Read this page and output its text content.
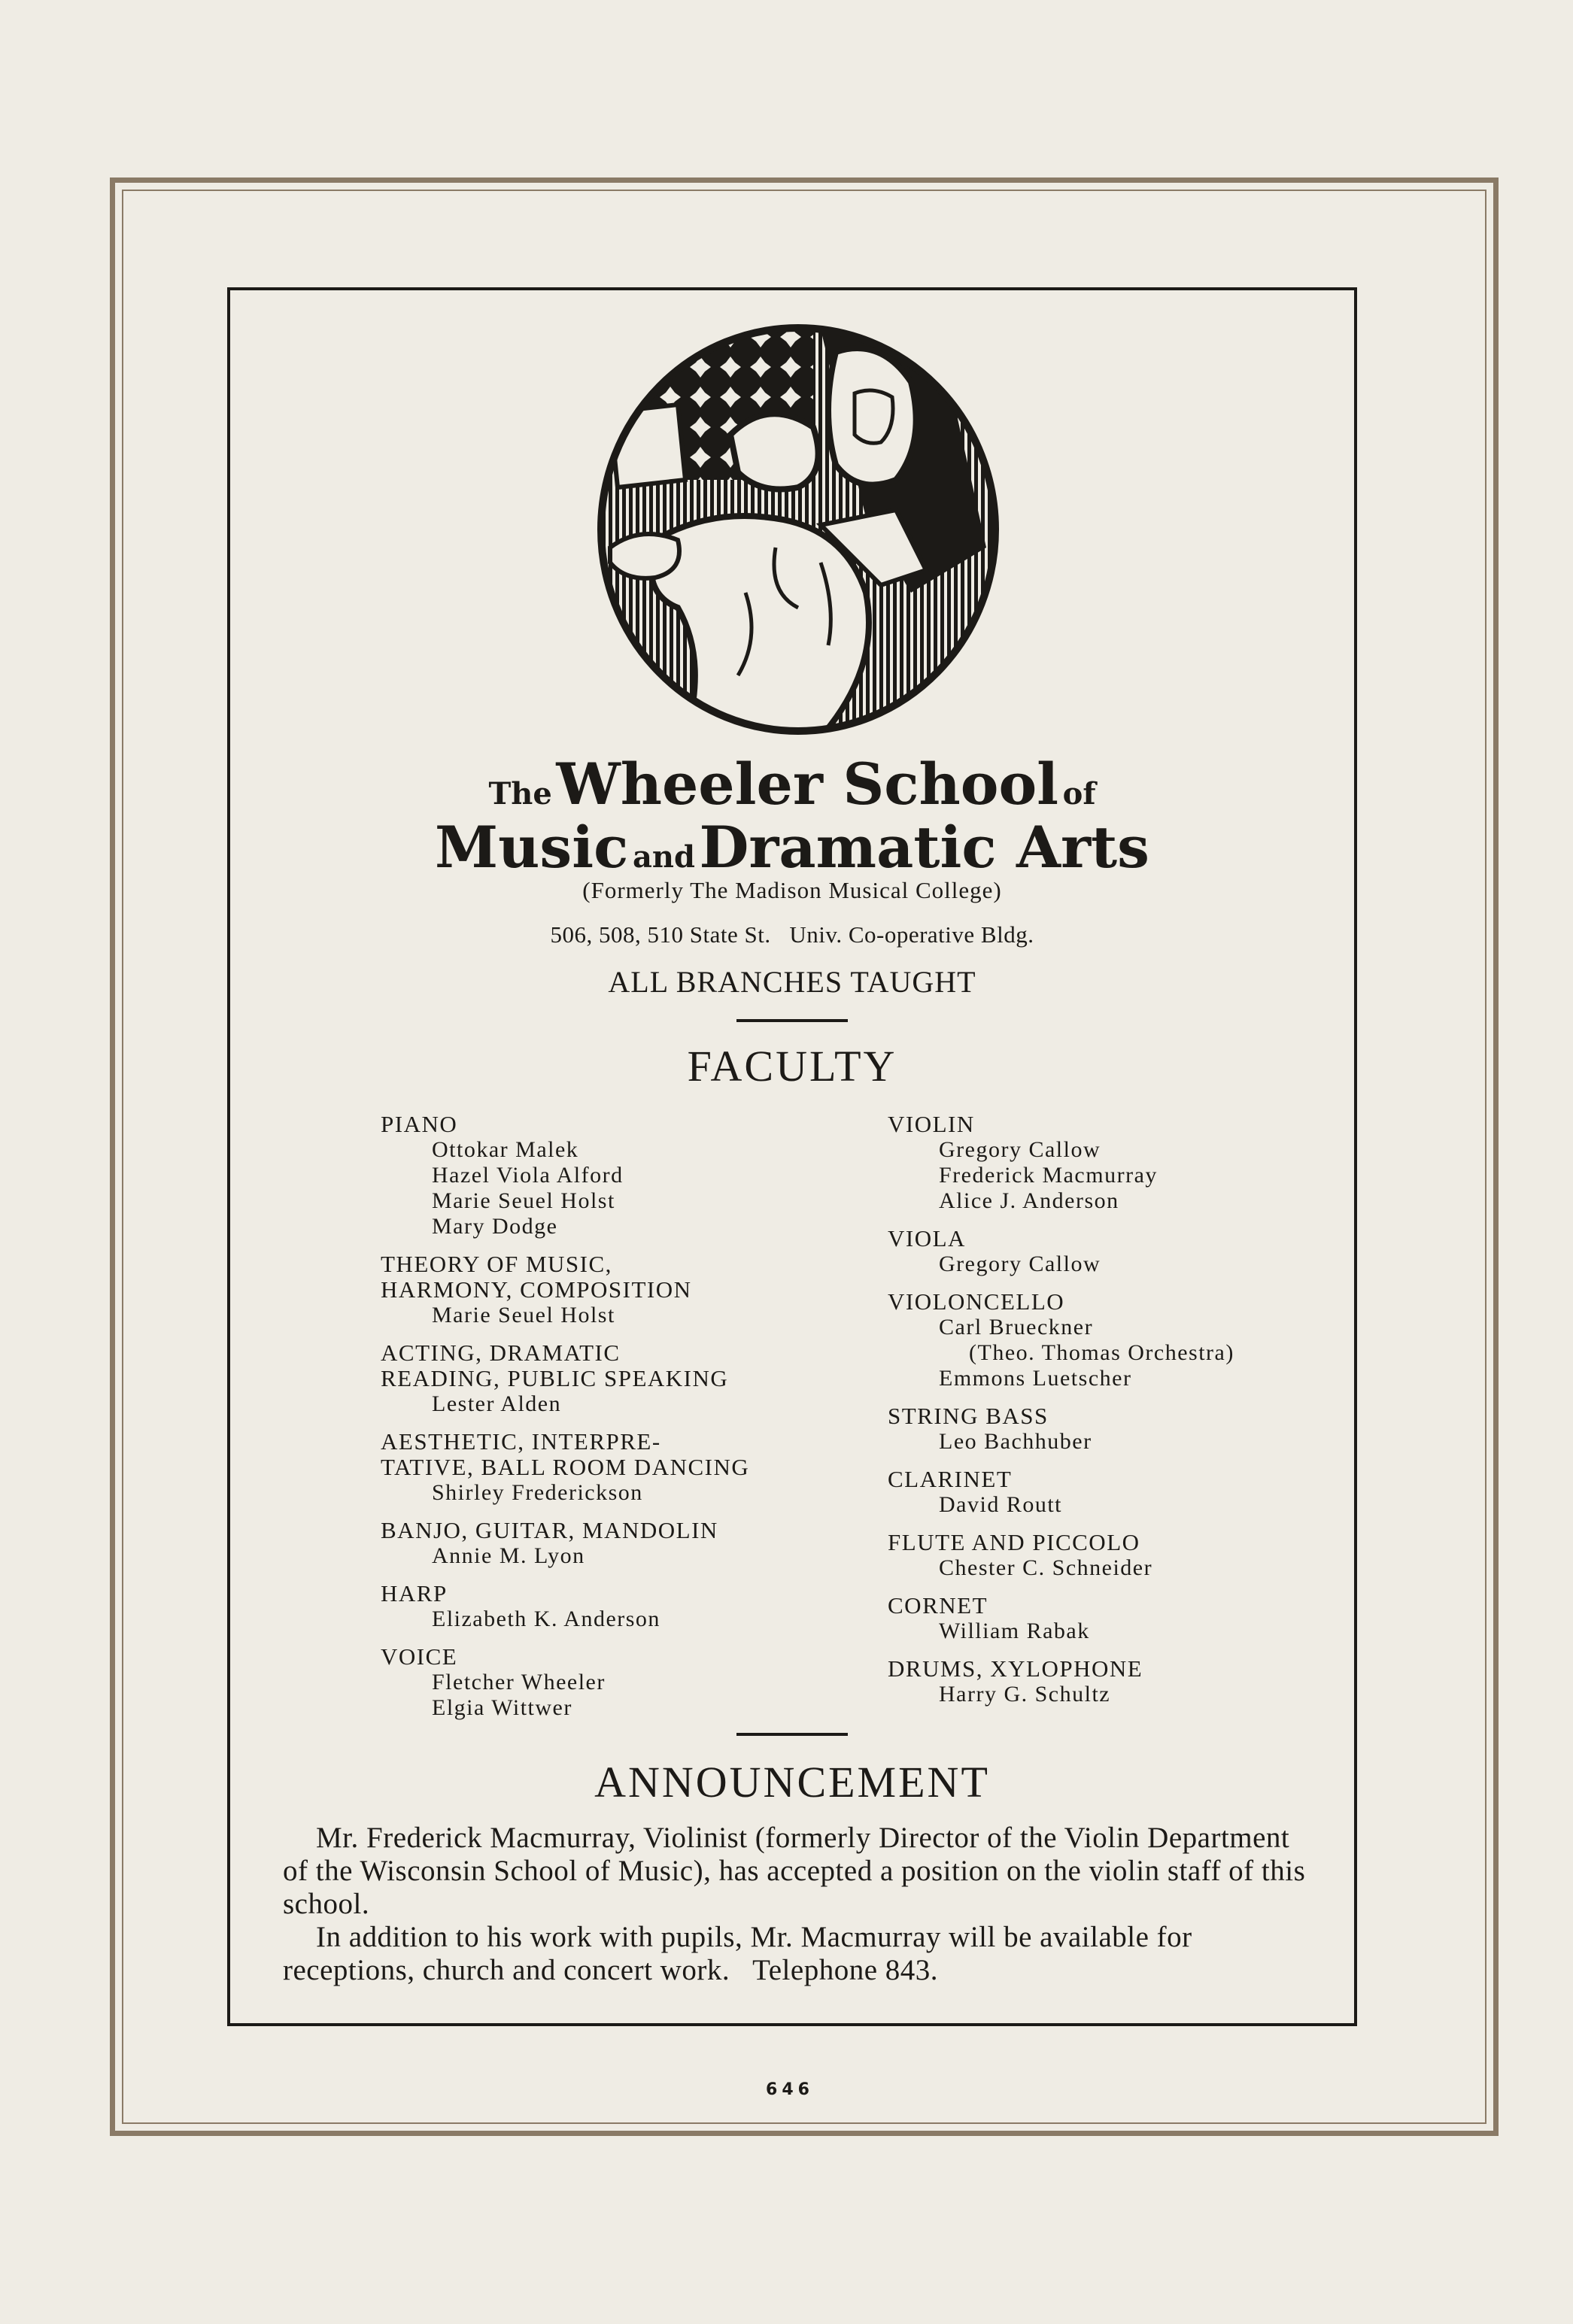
The Wheeler School of
Music and Dramatic Arts
(Formerly The Madison Musical College)
506, 508, 510 State St.   Univ. Co-operative Bldg.
ALL BRANCHES TAUGHT
FACULTY
PIANO
Ottokar Malek
Hazel Viola Alford
Marie Seuel Holst
Mary Dodge
THEORY OF MUSIC,
HARMONY, COMPOSITION
Marie Seuel Holst
ACTING, DRAMATIC
READING, PUBLIC SPEAKING
Lester Alden
AESTHETIC, INTERPRE-
TATIVE, BALL ROOM DANCING
Shirley Frederickson
BANJO, GUITAR, MANDOLIN
Annie M. Lyon
HARP
Elizabeth K. Anderson
VOICE
Fletcher Wheeler
Elgia Wittwer
VIOLIN
Gregory Callow
Frederick Macmurray
Alice J. Anderson
VIOLA
Gregory Callow
VIOLONCELLO
Carl Brueckner
(Theo. Thomas Orchestra)
Emmons Luetscher
STRING BASS
Leo Bachhuber
CLARINET
David Routt
FLUTE AND PICCOLO
Chester C. Schneider
CORNET
William Rabak
DRUMS, XYLOPHONE
Harry G. Schultz
ANNOUNCEMENT

Mr. Frederick Macmurray, Violinist (formerly Director of the Violin Department of the Wisconsin School of Music), has accepted a position on the violin staff of this school.

In addition to his work with pupils, Mr. Macmurray will be available for receptions, church and concert work.   Telephone 843.

646
